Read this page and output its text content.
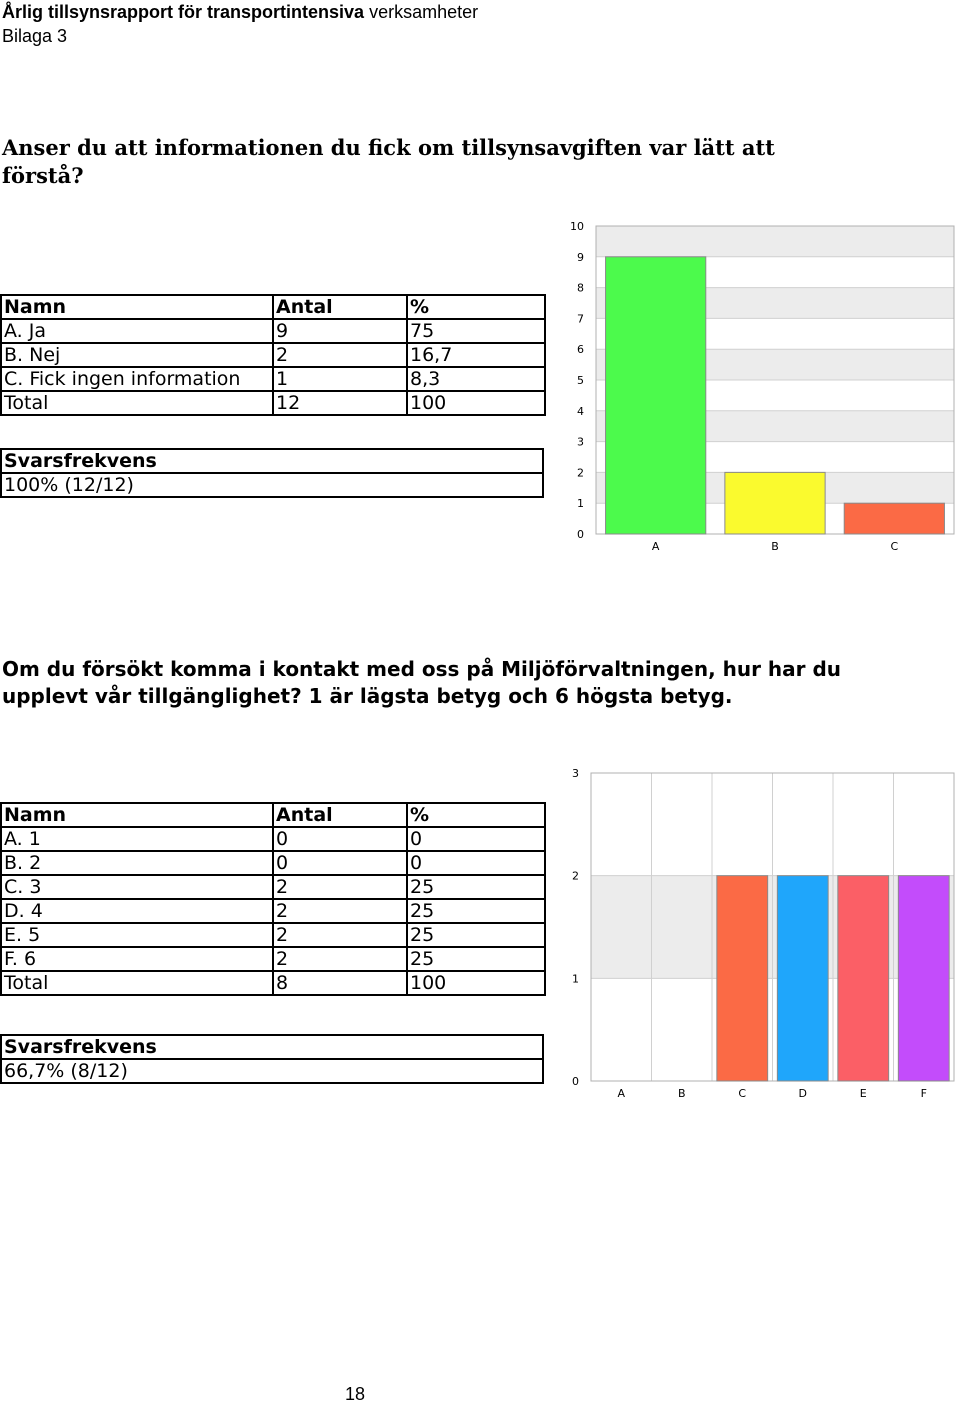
Årlig tillsynsrapport för transportintensiva verksamheter
Bilaga 3

Anser du att informationen du fick om tillsynsavgiften var lätt att förstå?

Namn	Antal	%
A. Ja	9	75
B. Nej	2	16,7
C. Fick ingen information	1	8,3
Total	12	100
Svarsfrekvens
100% (12/12)
0
1
2
3
4
5
6
7
8
9
10
A	B	C

Om du försökt komma i kontakt med oss på Miljöförvaltningen, hur har du upplevt vår tillgänglighet? 1 är lägsta betyg och 6 högsta betyg.

Namn	Antal	%
A. 1	0	0
B. 2	0	0
C. 3	2	25
D. 4	2	25
E. 5	2	25
F. 6	2	25
Total	8	100
Svarsfrekvens
66,7% (8/12)	0
1
2
3
A	B	C	D	E	F
18
